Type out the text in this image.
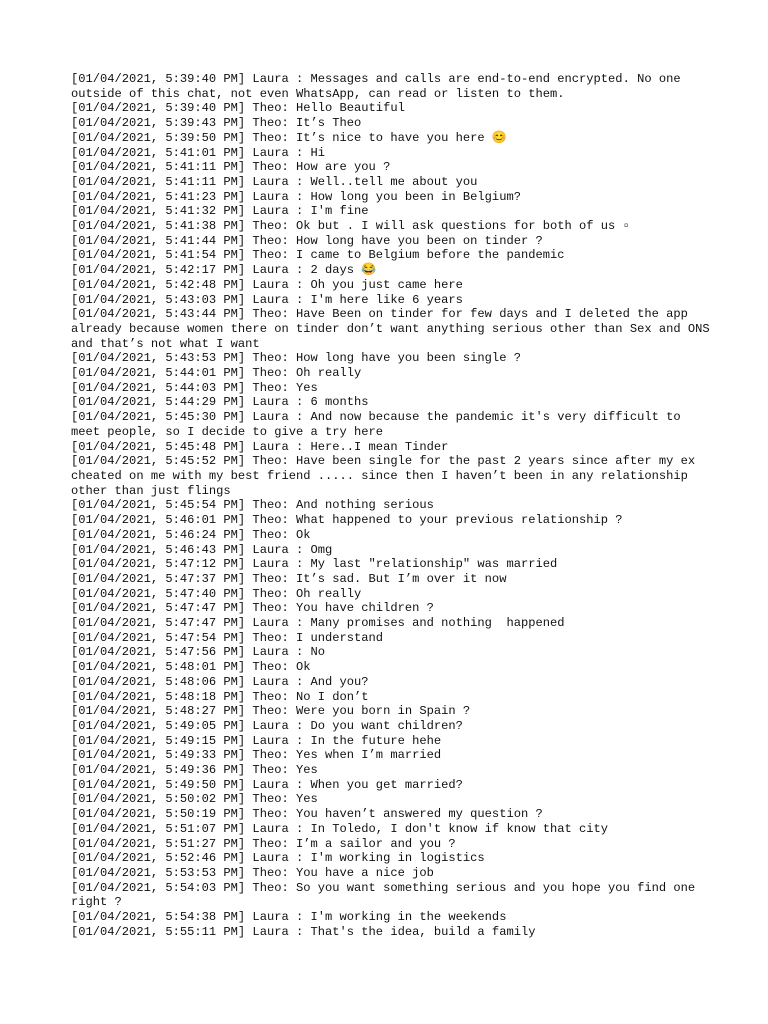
[01/04/2021, 5:39:40 PM] Laura : Messages and calls are end-to-end encrypted. No one outside of this chat, not even WhatsApp, can read or listen to them.
[01/04/2021, 5:39:40 PM] Theo: Hello Beautiful
[01/04/2021, 5:39:43 PM] Theo: It’s Theo
[01/04/2021, 5:39:50 PM] Theo: It’s nice to have you here 😊
[01/04/2021, 5:41:01 PM] Laura : Hi
[01/04/2021, 5:41:11 PM] Theo: How are you ?
[01/04/2021, 5:41:11 PM] Laura : Well..tell me about you
[01/04/2021, 5:41:23 PM] Laura : How long you been in Belgium?
[01/04/2021, 5:41:32 PM] Laura : I'm fine
[01/04/2021, 5:41:38 PM] Theo: Ok but . I will ask questions for both of us ▫
[01/04/2021, 5:41:44 PM] Theo: How long have you been on tinder ?
[01/04/2021, 5:41:54 PM] Theo: I came to Belgium before the pandemic
[01/04/2021, 5:42:17 PM] Laura : 2 days 😂
[01/04/2021, 5:42:48 PM] Laura : Oh you just came here
[01/04/2021, 5:43:03 PM] Laura : I'm here like 6 years
[01/04/2021, 5:43:44 PM] Theo: Have Been on tinder for few days and I deleted the app already because women there on tinder don’t want anything serious other than Sex and ONS and that’s not what I want
[01/04/2021, 5:43:53 PM] Theo: How long have you been single ?
[01/04/2021, 5:44:01 PM] Theo: Oh really
[01/04/2021, 5:44:03 PM] Theo: Yes
[01/04/2021, 5:44:29 PM] Laura : 6 months
[01/04/2021, 5:45:30 PM] Laura : And now because the pandemic it's very difficult to meet people, so I decide to give a try here
[01/04/2021, 5:45:48 PM] Laura : Here..I mean Tinder
[01/04/2021, 5:45:52 PM] Theo: Have been single for the past 2 years since after my ex cheated on me with my best friend ..... since then I haven’t been in any relationship other than just flings
[01/04/2021, 5:45:54 PM] Theo: And nothing serious
[01/04/2021, 5:46:01 PM] Theo: What happened to your previous relationship ?
[01/04/2021, 5:46:24 PM] Theo: Ok
[01/04/2021, 5:46:43 PM] Laura : Omg
[01/04/2021, 5:47:12 PM] Laura : My last "relationship" was married
[01/04/2021, 5:47:37 PM] Theo: It’s sad. But I’m over it now
[01/04/2021, 5:47:40 PM] Theo: Oh really
[01/04/2021, 5:47:47 PM] Theo: You have children ?
[01/04/2021, 5:47:47 PM] Laura : Many promises and nothing  happened
[01/04/2021, 5:47:54 PM] Theo: I understand
[01/04/2021, 5:47:56 PM] Laura : No
[01/04/2021, 5:48:01 PM] Theo: Ok
[01/04/2021, 5:48:06 PM] Laura : And you?
[01/04/2021, 5:48:18 PM] Theo: No I don’t
[01/04/2021, 5:48:27 PM] Theo: Were you born in Spain ?
[01/04/2021, 5:49:05 PM] Laura : Do you want children?
[01/04/2021, 5:49:15 PM] Laura : In the future hehe
[01/04/2021, 5:49:33 PM] Theo: Yes when I’m married
[01/04/2021, 5:49:36 PM] Theo: Yes
[01/04/2021, 5:49:50 PM] Laura : When you get married?
[01/04/2021, 5:50:02 PM] Theo: Yes
[01/04/2021, 5:50:19 PM] Theo: You haven’t answered my question ?
[01/04/2021, 5:51:07 PM] Laura : In Toledo, I don't know if know that city
[01/04/2021, 5:51:27 PM] Theo: I’m a sailor and you ?
[01/04/2021, 5:52:46 PM] Laura : I'm working in logistics
[01/04/2021, 5:53:53 PM] Theo: You have a nice job
[01/04/2021, 5:54:03 PM] Theo: So you want something serious and you hope you find one right ?
[01/04/2021, 5:54:38 PM] Laura : I'm working in the weekends
[01/04/2021, 5:55:11 PM] Laura : That's the idea, build a family
